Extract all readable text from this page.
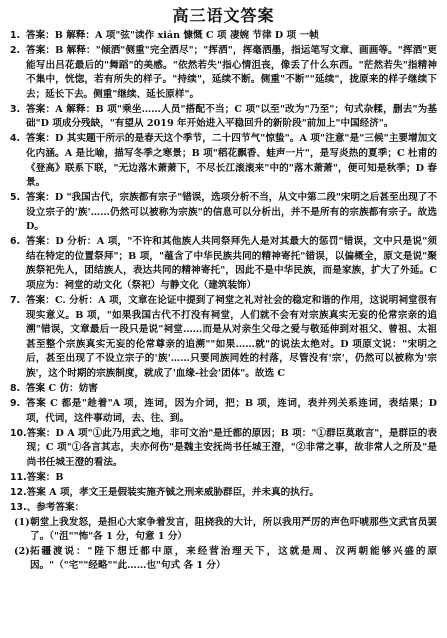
高三语文答案
1. 答案：B 解释：A 项"弦"读作 xián 慷慨 C 项 凄婉 节律 D 项 一帧
2. 答案：B 解释："倾洒"侧重"完全洒尽"；"挥洒"，挥毫洒墨，指运笔写文章、画画等。"挥洒"更能写出吕花最后的"舞蹈"的美感。"依然若失"指心情沮丧，像丢了什么东西。"茫然若失"指精神不集中，恍惚，若有所失的样子。"持续"，延续不断。侧重"不断""延续"，拢原来的样子继续下去；延长下去。侧重"继续、延长原样"。
3. 答案：A 解释：B 项"乘坐……人员"搭配不当；C 项"以至"改为"乃至"；句式杂糅，删去"为基础"D 项成分残缺，"有望从 2019 年开始进入平稳回升的新阶段"前加上"中国经济"。
4. 答案：D 其实题干所示的是春天这个季节，二十四节气"惊蛰"。A 项"注意"是"三候"主要增加文化内涵。A 是比喻，描写冬季之寒景；B 项"稻花飘香、蛙声一片"，是写炎热的夏季；C 杜甫的《登高》联系下联，"无边落木萧萧下，不尽长江滚滚来"中的"落木萧萧"，便可知是秋季；D 春景。
5. 答案：D "我国古代，宗族都有宗子"错误，选项分析不当，从文中第二段"宋明之后甚至出现了不设立宗子的'族'……仍然可以被称为宗族"的信息可以分析出，并不是所有的宗族都有宗子。故选 D。
6. 答案：D 分析：A 项，"不许和其他族人共同祭拜先人是对其最大的惩罚"错误，文中只是说"须结在特定的位置祭拜"；B 项，"蕴含了中华民族共同的精神寄托"错误，以偏概全，原文是说"聚族祭祀先人，团结族人，表达共同的精神寄托"，因此不是中华民族，而是家族，扩大了外延。C 项应为：祠堂的动文化（祭祀）与静文化（建筑装饰）
7. 答案：C. 分析：A 项，文章在论证中提到了祠堂之礼对社会的稳定和谐的作用，这说明祠堂很有现实意义。B 项，"如果我国古代不打没有祠堂，人们就不会有对宗族真实无妄的伦常宗亲的追溯"错误，文章最后一段只是说"祠堂……而是从对亲生父母之爱与敬延伸到对祖父、曾祖、太祖甚至整个宗族真实无妄的伦常尊亲的追溯""如果……就"的说法太绝对。D 项原文说："宋明之后，甚至出现了不设立宗子的'族'……只要同族同姓的村落，尽管没有'宗'，仍然可以被称为'宗族'，这个时期的宗族制度，就成了'血缘-社会'团体"。故选 C
8. 答案 C 仿：妨害
9. 答案 C 都是"趁着"A 项，连词，因为介词，把；B 项，连词，表并列关系连词，表结果；D 项，代词，这件事动词，去、往、到。
10. 答案：D A 项"①此乃用武之地，非可文治"是迁都的原因；B 项："①群臣莫敢言"，是群臣的表现；C 项"①各言其志，夫亦何伤"是魏主安抚尚书任城王澄，"②非常之事，故非常人之所及"是尚书任城王澄的看法。
11. 答案：B
12. 答案 A 项，孝文王是假装实施齐铖之刑来威胁群臣，并未真的执行。
13. 、参考答案：
(1) 朝堂上我发怒，是担心大家争着发言，阻挠我的大计，所以我用严厉的声色吓唬那些文武官员罢了。（"沮""怖"各 1 分，句意 1 分）
(2) 拓疆渡说："陛下想迁都中原，来经营治理天下，这就是周、汉两朝能够兴盛的原因。"（"宅""经略""此……也"句式 各 1 分）
